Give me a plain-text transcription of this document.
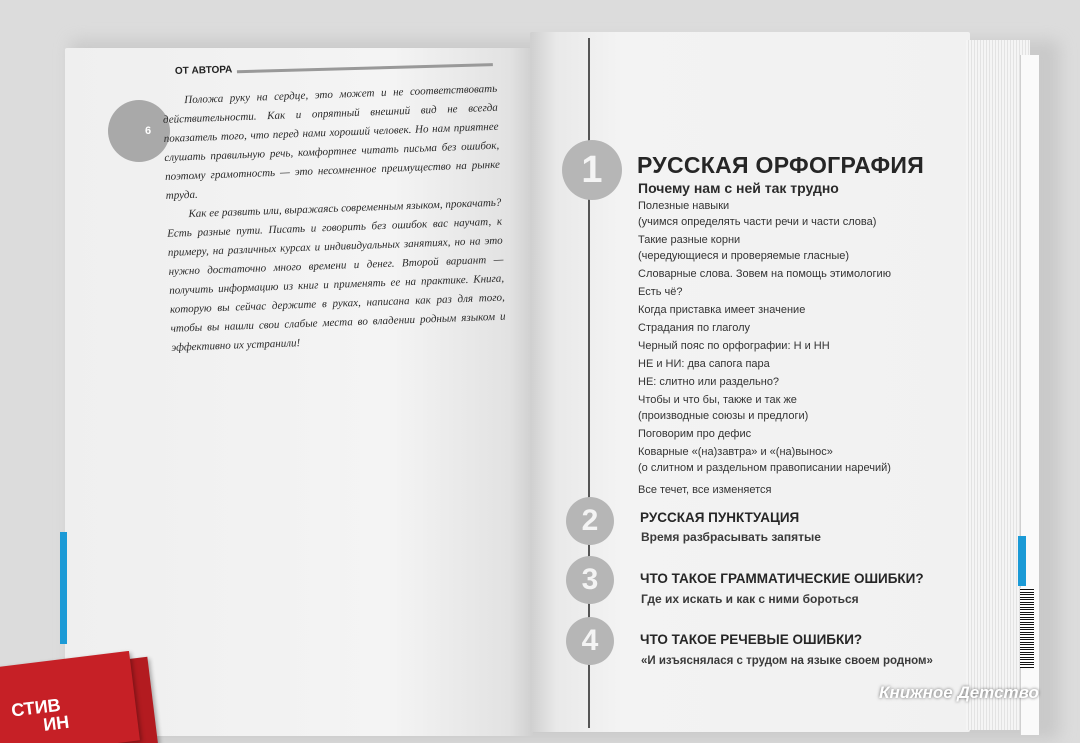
ОТ АВТОРА
6

Положа руку на сердце, это может и не соответствовать действительности. Как и опрятный внешний вид не всегда показатель того, что перед нами хороший человек. Но нам приятнее слушать правильную речь, комфортнее читать письма без ошибок, поэтому грамотность — это несомненное преимущество на рынке труда.

Как ее развить или, выражаясь современным языком, прокачать? Есть разные пути. Писать и говорить без ошибок вас научат, к примеру, на различных курсах и индивидуальных занятиях, но на это нужно достаточно много времени и денег. Второй вариант — получить информацию из книг и применять ее на практике. Книга, которую вы сейчас держите в руках, написана как раз для того, чтобы вы нашли свои слабые места во владении родным языком и эффективно их устранили!

1 РУССКАЯ ОРФОГРАФИЯ
Почему нам с ней так трудно
Полезные навыки
(учимся определять части речи и части слова)
Такие разные корни
(чередующиеся и проверяемые гласные)
Словарные слова. Зовем на помощь этимологию
Есть чё?
Когда приставка имеет значение
Страдания по глаголу
Черный пояс по орфографии: Н и НН
НЕ и НИ: два сапога пара
НЕ: слитно или раздельно?
Чтобы и что бы, также и так же
(производные союзы и предлоги)
Поговорим про дефис
Коварные «(на)завтра» и «(на)вынос»
(о слитном и раздельном правописании наречий)
Все течет, все изменяется
2	РУССКАЯ ПУНКТУАЦИЯ
Время разбрасывать запятые
3	ЧТО ТАКОЕ ГРАММАТИЧЕСКИЕ ОШИБКИ?
Где их искать и как с ними бороться
4	ЧТО ТАКОЕ РЕЧЕВЫЕ ОШИБКИ?
«И изъяснялася с трудом на языке своем родном»
СТИВ
ИН
Книжное Детство
